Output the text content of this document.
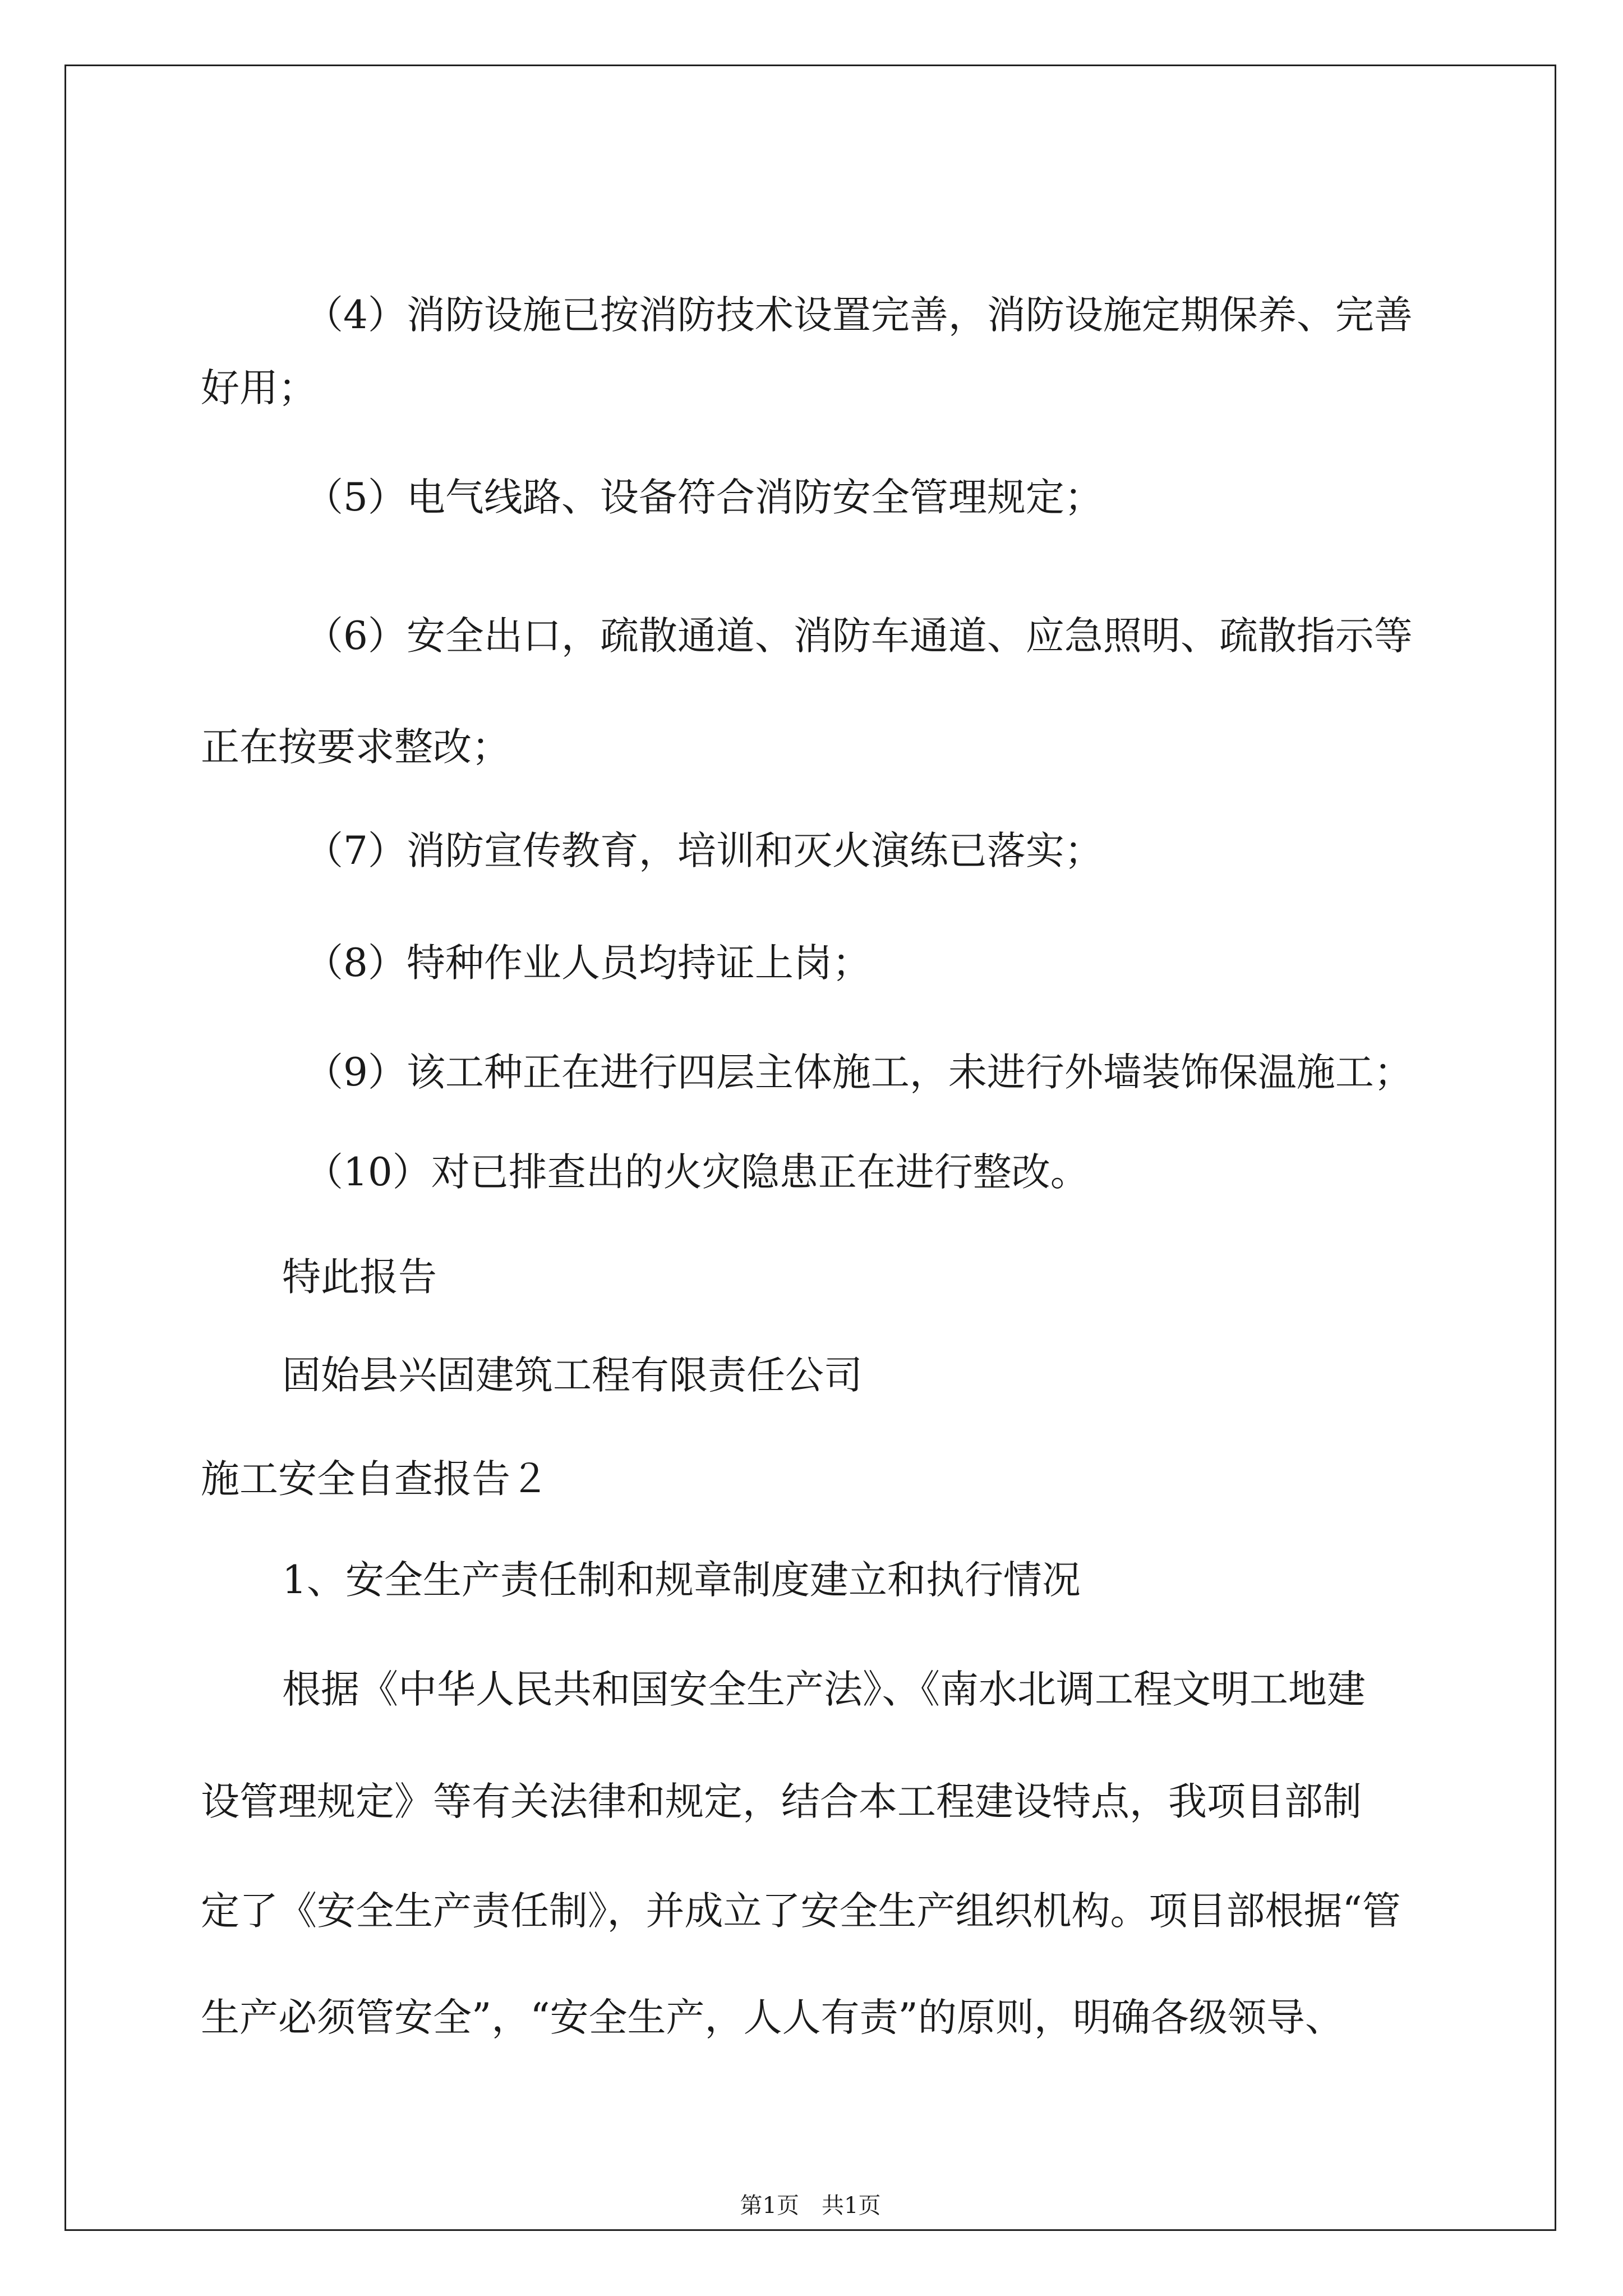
（4）消防设施已按消防技术设置完善，消防设施定期保养、完善
好用；
（5）电气线路、设备符合消防安全管理规定；
（6）安全出口，疏散通道、消防车通道、应急照明、疏散指示等
正在按要求整改；
（7）消防宣传教育，培训和灭火演练已落实；
（8）特种作业人员均持证上岗；
（9）该工种正在进行四层主体施工，未进行外墙装饰保温施工；
（10）对已排查出的火灾隐患正在进行整改。
特此报告
固始县兴固建筑工程有限责任公司
施工安全自查报告２
1、安全生产责任制和规章制度建立和执行情况
根据《中华人民共和国安全生产法》、《南水北调工程文明工地建
设管理规定》等有关法律和规定，结合本工程建设特点，我项目部制
定了《安全生产责任制》，并成立了安全生产组织机构。项目部根据“管
生产必须管安全”，“安全生产，人人有责”的原则，明确各级领导、
第1页　共1页
